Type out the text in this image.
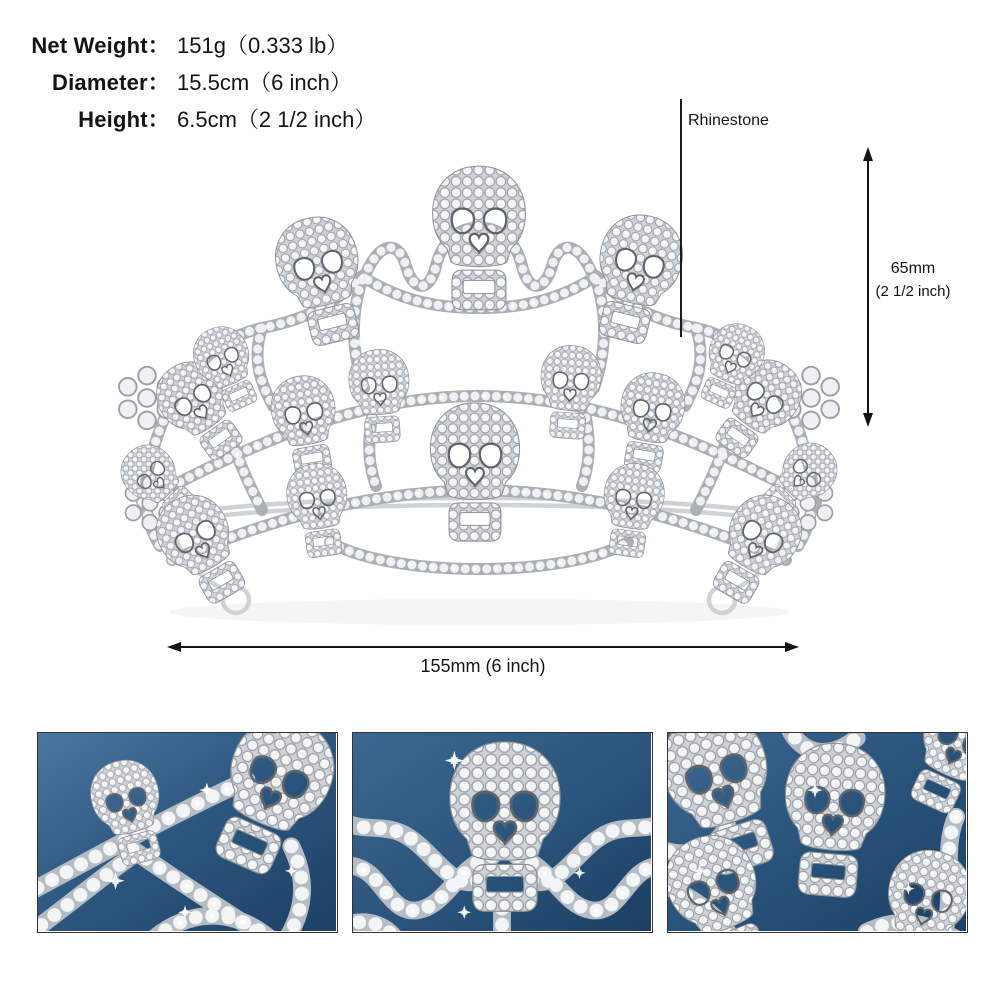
Net Weight： 151g（0.333 lb）
Diameter： 15.5cm（6 inch）
Height： 6.5cm（2 1/2 inch）	Rhinestone
65mm
(2 1/2 inch)
155mm (6 inch)
